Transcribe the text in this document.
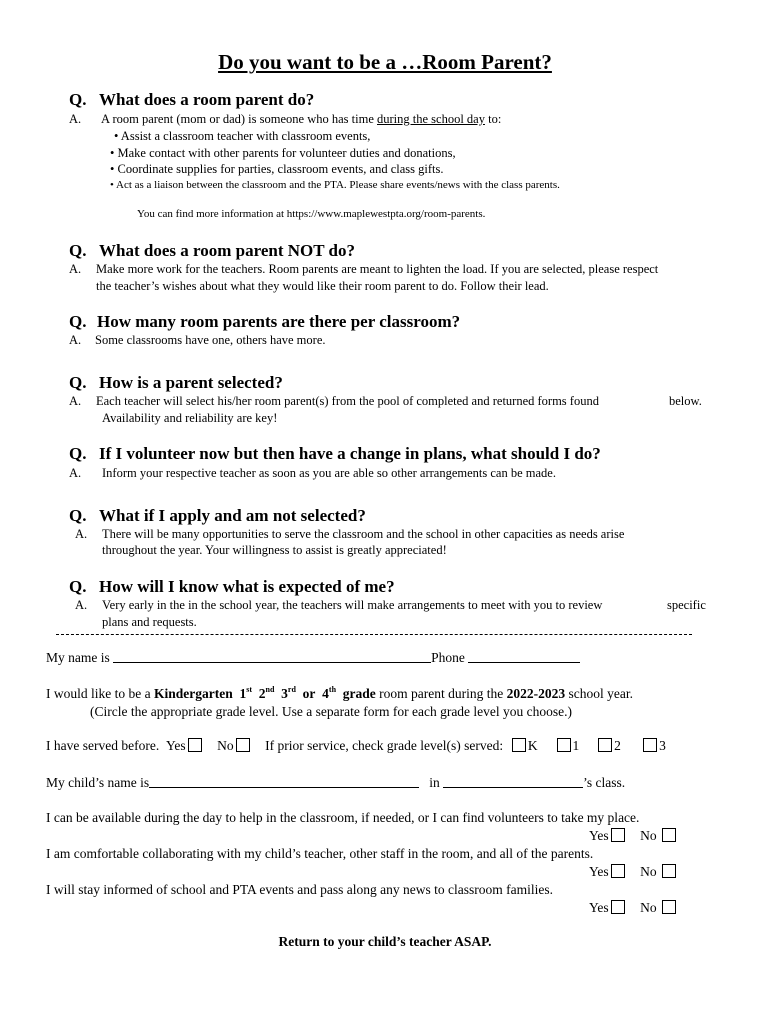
Do you want to be a …Room Parent?
Q. What does a room parent do?
A. A room parent (mom or dad) is someone who has time during the school day to:
• Assist a classroom teacher with classroom events,
• Make contact with other parents for volunteer duties and donations,
• Coordinate supplies for parties, classroom events, and class gifts.
• Act as a liaison between the classroom and the PTA. Please share events/news with the class parents.
You can find more information at https://www.maplewestpta.org/room-parents.
Q. What does a room parent NOT do?
A. Make more work for the teachers. Room parents are meant to lighten the load. If you are selected, please respect
the teacher’s wishes about what they would like their room parent to do. Follow their lead.
Q. How many room parents are there per classroom?
A. Some classrooms have one, others have more.
Q. How is a parent selected?
A. Each teacher will select his/her room parent(s) from the pool of completed and returned forms found	below.
Availability and reliability are key!
Q. If I volunteer now but then have a change in plans, what should I do?
A. Inform your respective teacher as soon as you are able so other arrangements can be made.
Q. What if I apply and am not selected?
A. There will be many opportunities to serve the classroom and the school in other capacities as needs arise
throughout the year. Your willingness to assist is greatly appreciated!
Q. How will I know what is expected of me?
A. Very early in the in the school year, the teachers will make arrangements to meet with you to review	specific
plans and requests.
My name is	Phone
I would like to be a Kindergarten 1st 2nd 3rd or 4th grade room parent during the 2022-2023 school year.
(Circle the appropriate grade level. Use a separate form for each grade level you choose.)
I have served before. Yes No If prior service, check grade level(s) served: K	1	2	3
My child’s name is	in	’s class.
I can be available during the day to help in the classroom, if needed, or I can find volunteers to take my place.
Yes No
I am comfortable collaborating with my child’s teacher, other staff in the room, and all of the parents.
Yes No
I will stay informed of school and PTA events and pass along any news to classroom families.
Yes No
Return to your child’s teacher ASAP.
